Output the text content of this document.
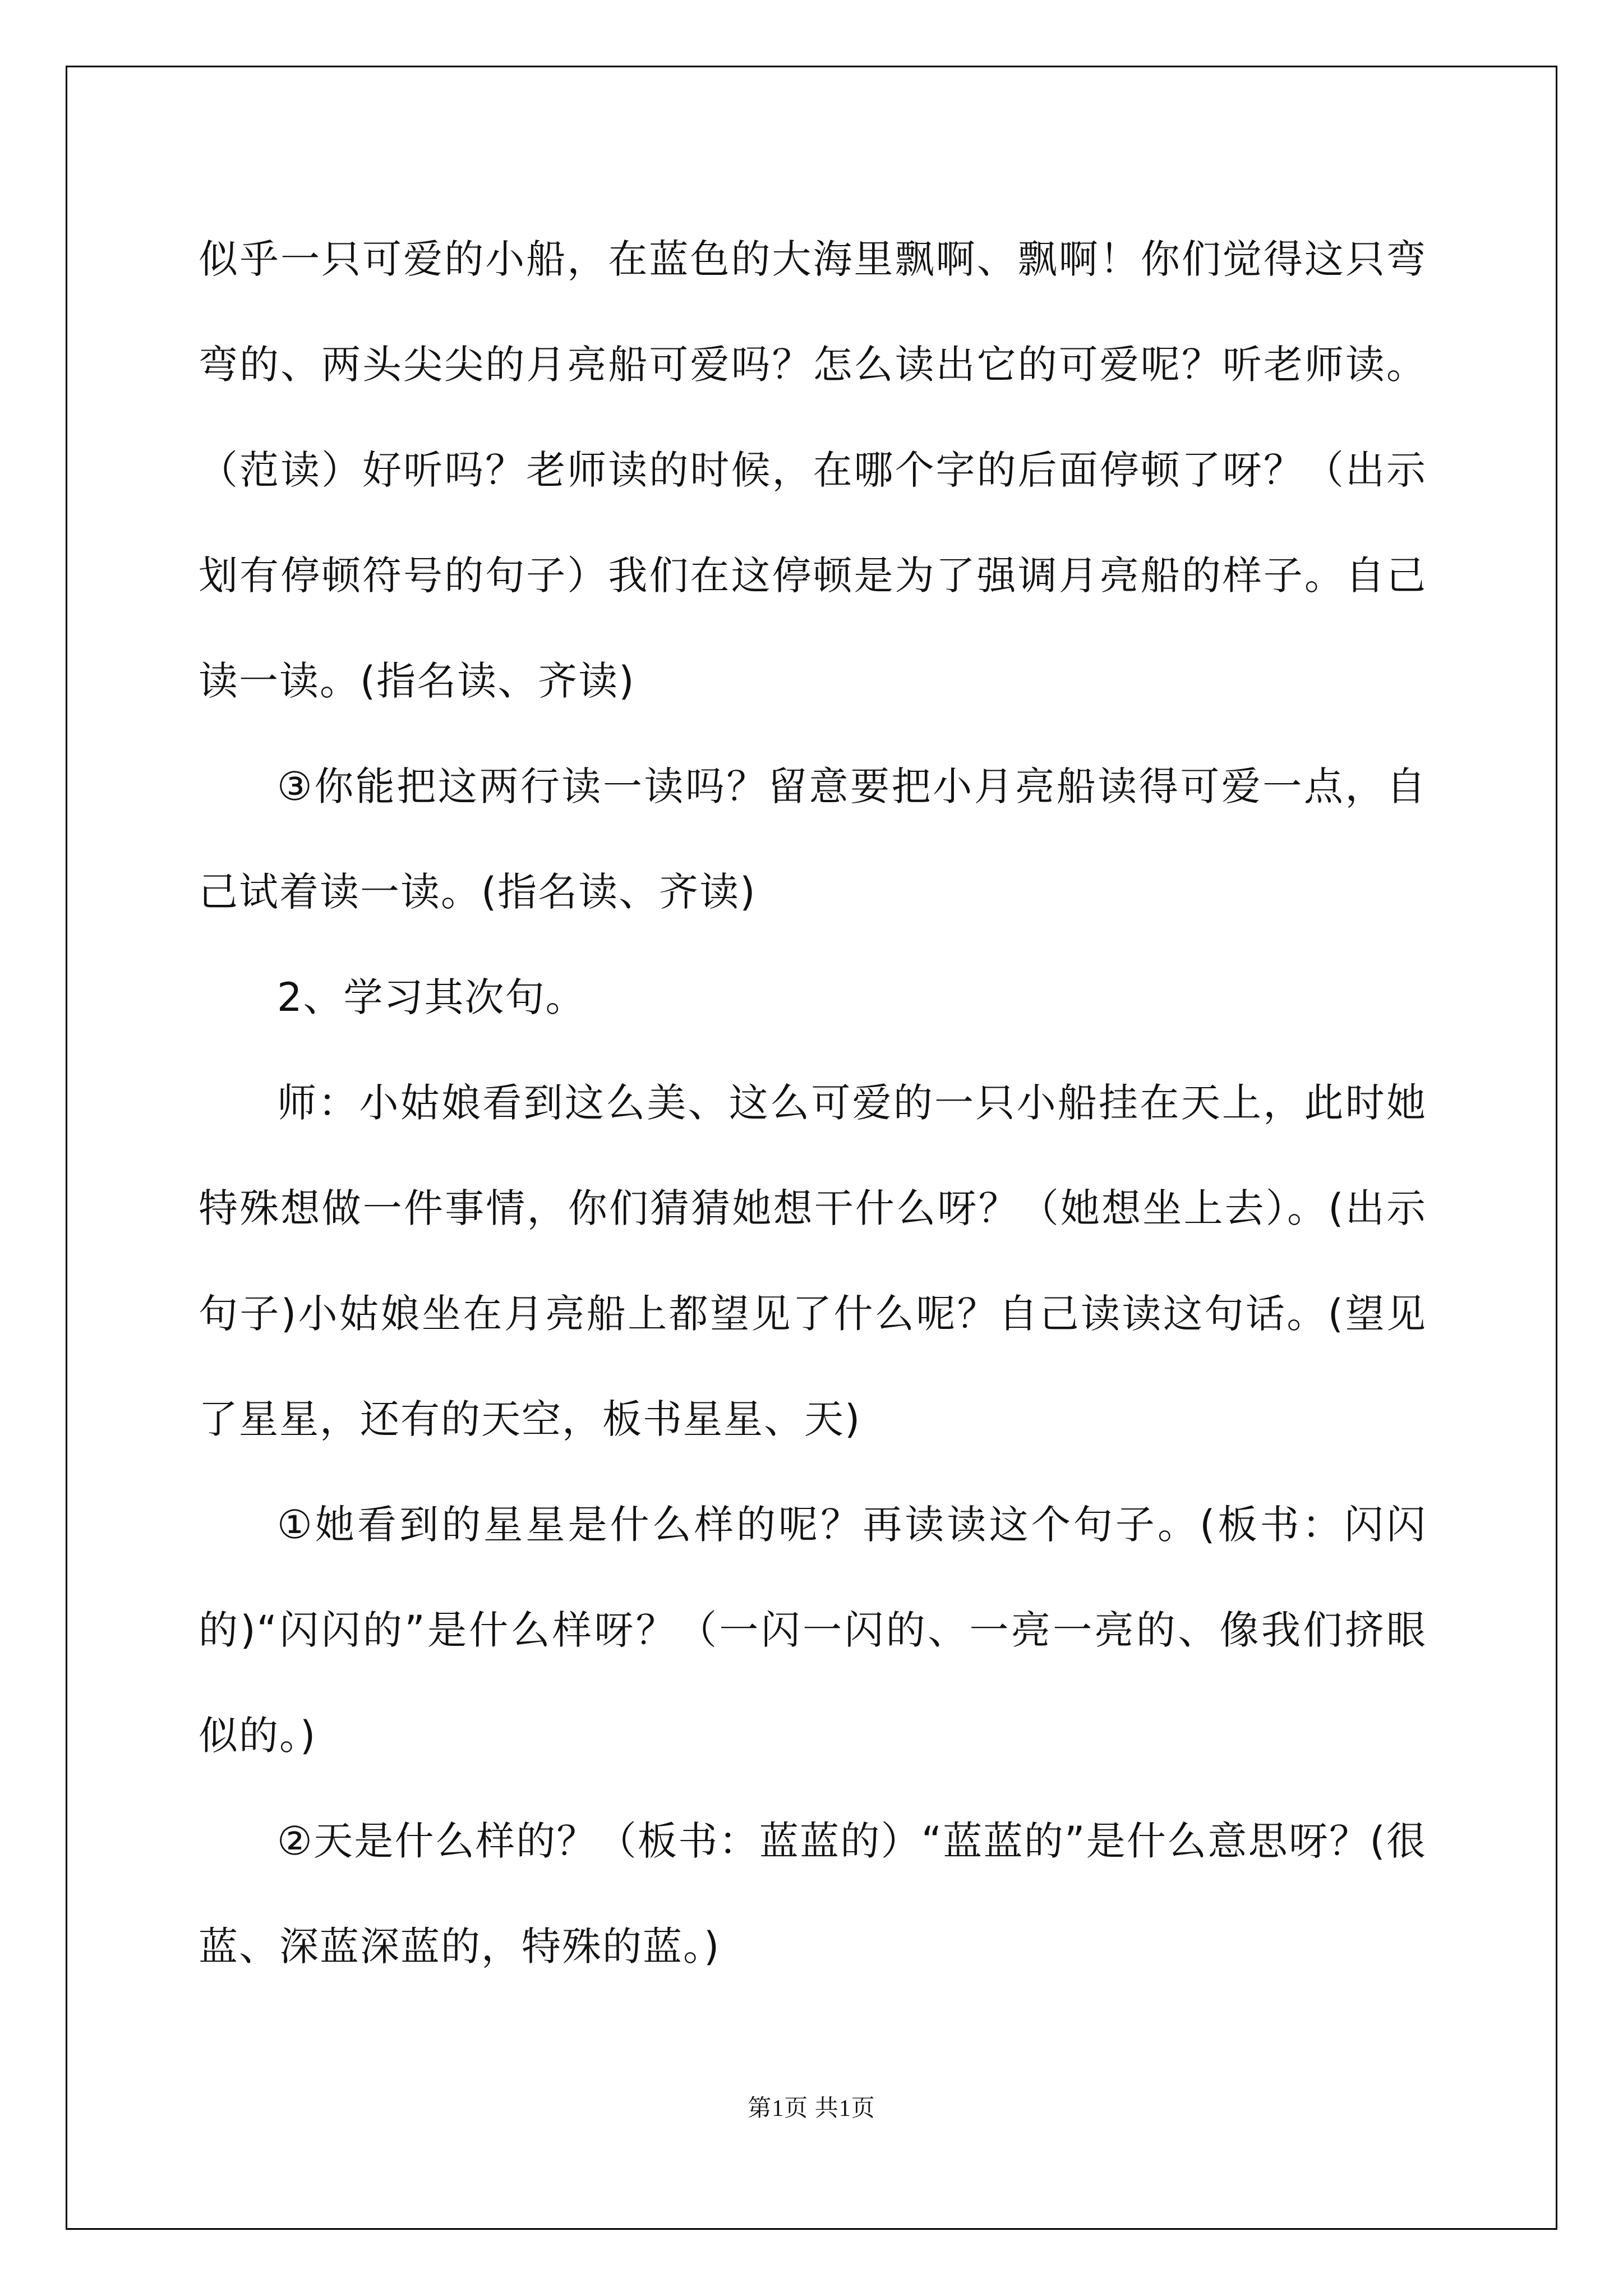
似乎一只可爱的小船，在蓝色的大海里飘啊、飘啊！你们觉得这只弯弯的、两头尖尖的月亮船可爱吗？怎么读出它的可爱呢？听老师读。（范读）好听吗？老师读的时候，在哪个字的后面停顿了呀？（出示划有停顿符号的句子）我们在这停顿是为了强调月亮船的样子。自己读一读。(指名读、齐读)

③你能把这两行读一读吗？留意要把小月亮船读得可爱一点，自己试着读一读。(指名读、齐读)

2、学习其次句。

师：小姑娘看到这么美、这么可爱的一只小船挂在天上，此时她特殊想做一件事情，你们猜猜她想干什么呀？（她想坐上去）。(出示句子)小姑娘坐在月亮船上都望见了什么呢？自己读读这句话。(望见了星星，还有的天空，板书星星、天)

①她看到的星星是什么样的呢？再读读这个句子。(板书：闪闪的)“闪闪的”是什么样呀？（一闪一闪的、一亮一亮的、像我们挤眼似的。)

②天是什么样的？（板书：蓝蓝的）“蓝蓝的”是什么意思呀？(很蓝、深蓝深蓝的，特殊的蓝。)

第1页 共1页
